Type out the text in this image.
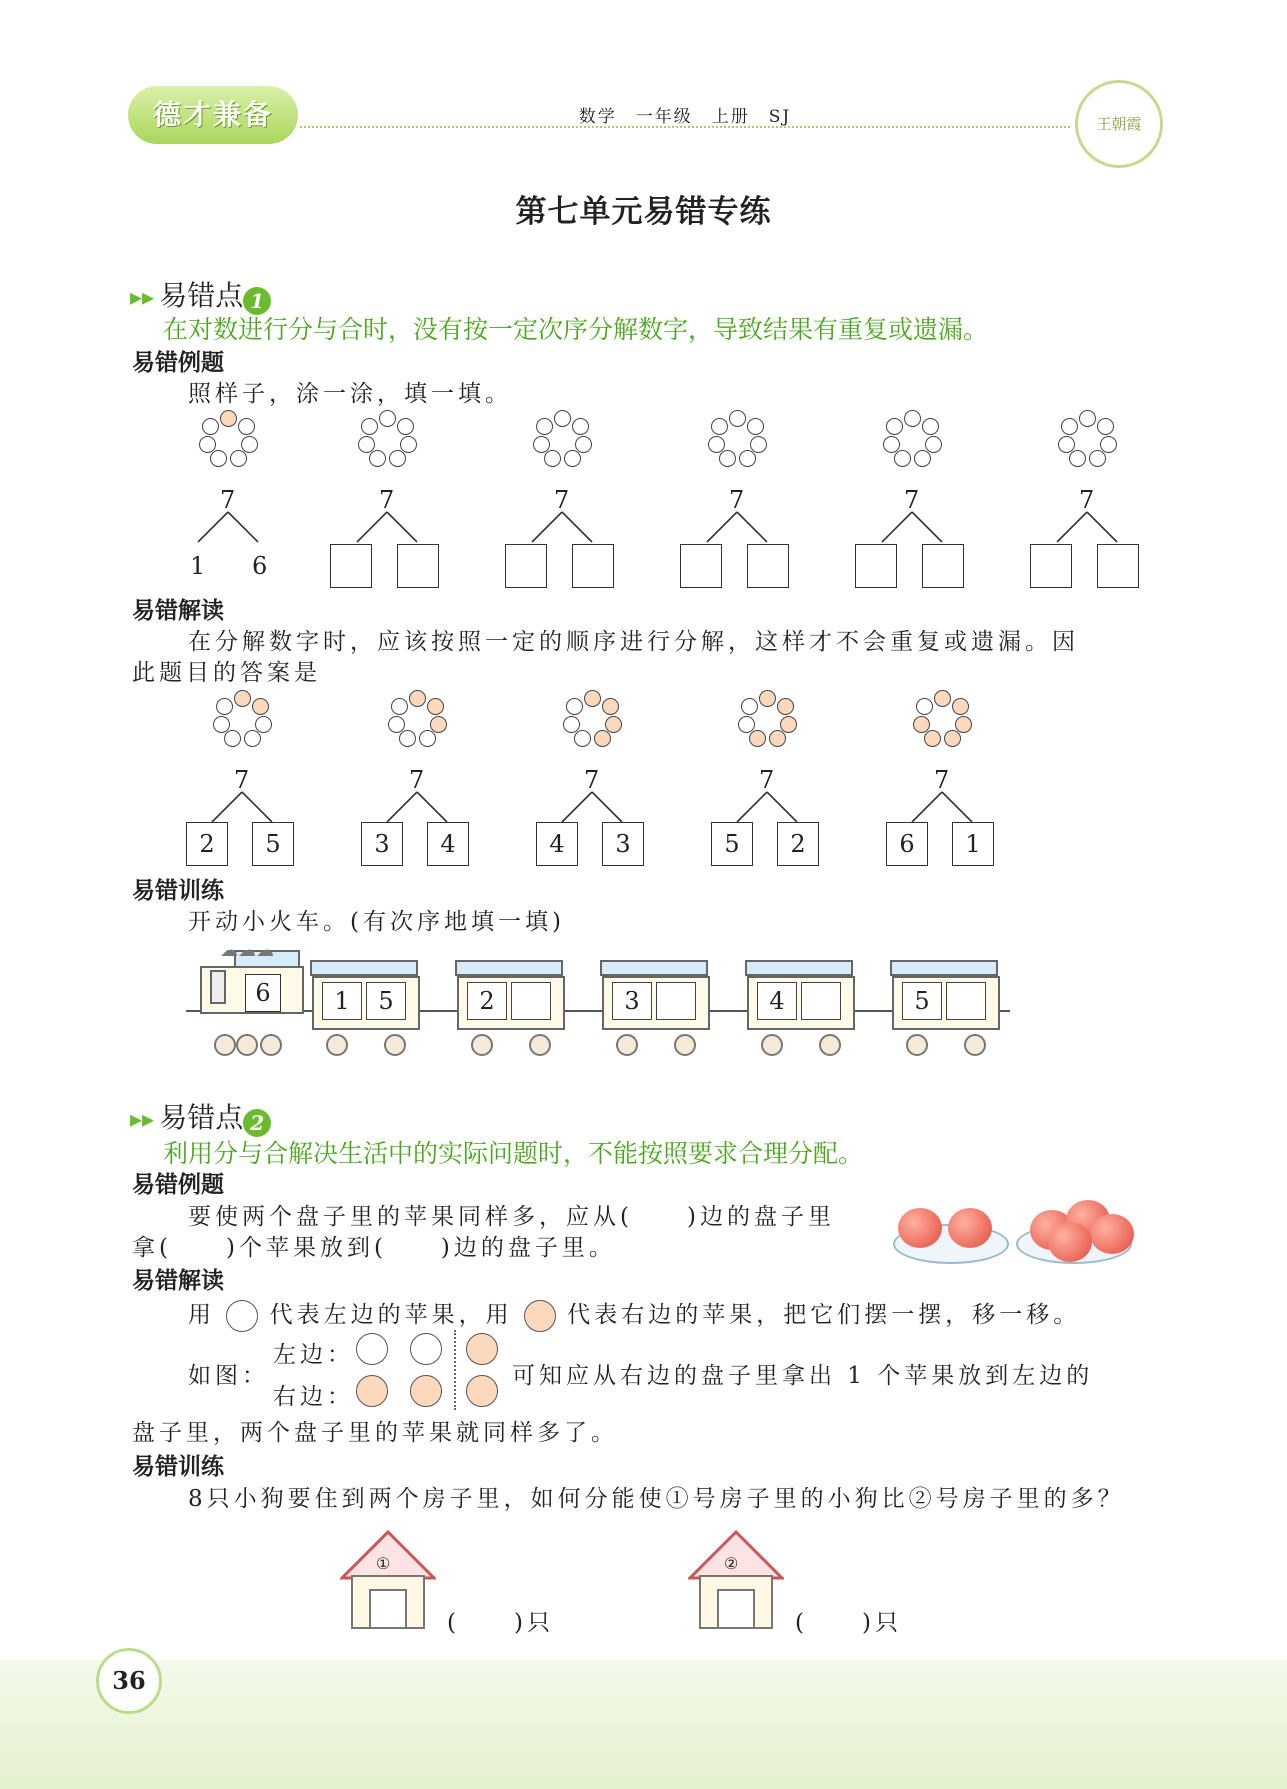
德才兼备	数学　一年级　上册　SJ	王朝霞
第七单元易错专练
▸▸ 易错点 1
在对数进行分与合时，没有按一定次序分解数字，导致结果有重复或遗漏。
易错例题
照样子，涂一涂，填一填。
7
1 6
7	7	7	7	7
易错解读
在分解数字时，应该按照一定的顺序进行分解，这样才不会重复或遗漏。因
此题目的答案是
7
2	5
7
3	4
7
4	3
7
5	2
7
6	1
易错训练
开动小火车。(有次序地填一填)
☁☁☁
6	1	5	2	3	4	5
▸▸ 易错点 2
利用分与合解决生活中的实际问题时，不能按照要求合理分配。
易错例题
要使两个盘子里的苹果同样多，应从(　　)边的盘子里
拿(　　)个苹果放到(　　)边的盘子里。
易错解读
用 代表左边的苹果，用 代表右边的苹果，把它们摆一摆，移一移。
如图：
左边：
右边：
可知应从右边的盘子里拿出 1 个苹果放到左边的
盘子里，两个盘子里的苹果就同样多了。
易错训练
8只小狗要住到两个房子里，如何分能使①号房子里的小狗比②号房子里的多？
①
(　　)只
②
(　　)只
36
